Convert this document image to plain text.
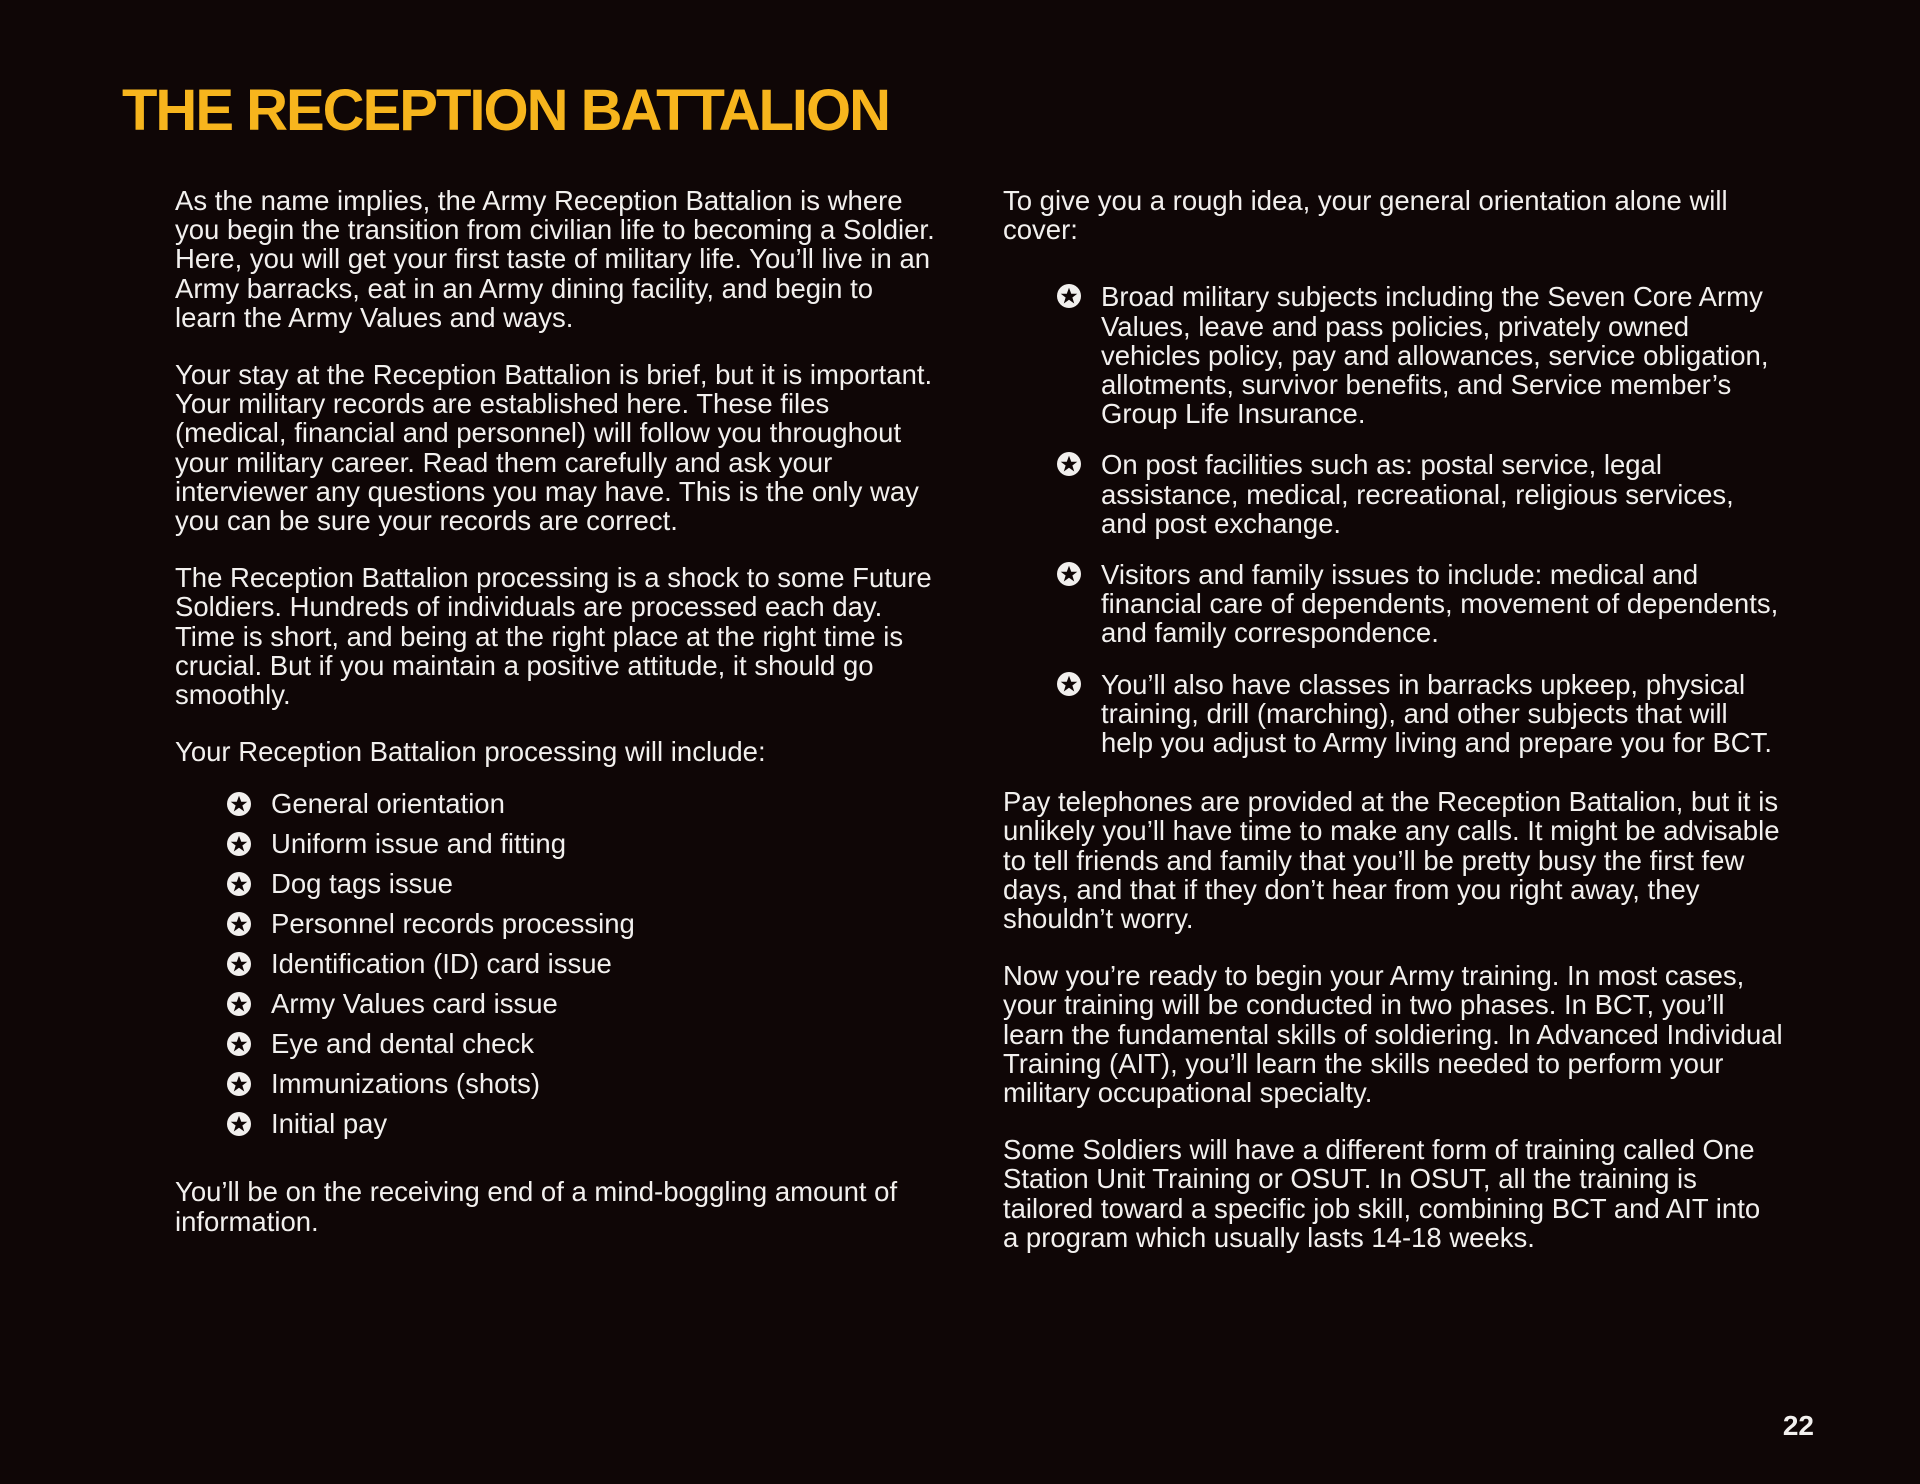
THE RECEPTION BATTALION

As the name implies, the Army Reception Battalion is where you begin the transition from civilian life to becoming a Soldier. Here, you will get your first taste of military life. You’ll live in an Army barracks, eat in an Army dining facility, and begin to learn the Army Values and ways.

Your stay at the Reception Battalion is brief, but it is important. Your military records are established here. These files (medical, financial and personnel) will follow you throughout your military career. Read them carefully and ask your interviewer any questions you may have. This is the only way you can be sure your records are correct.

The Reception Battalion processing is a shock to some Future Soldiers. Hundreds of individuals are processed each day. Time is short, and being at the right place at the right time is crucial. But if you maintain a positive attitude, it should go smoothly.

Your Reception Battalion processing will include:

General orientation
Uniform issue and fitting
Dog tags issue
Personnel records processing
Identification (ID) card issue
Army Values card issue
Eye and dental check
Immunizations (shots)
Initial pay

You’ll be on the receiving end of a mind-boggling amount of information.

To give you a rough idea, your general orientation alone will cover:

Broad military subjects including the Seven Core Army Values, leave and pass policies, privately owned vehicles policy, pay and allowances, service obligation, allotments, survivor benefits, and Service member’s Group Life Insurance.
On post facilities such as: postal service, legal assistance, medical, recreational, religious services, and post exchange.
Visitors and family issues to include: medical and financial care of dependents, movement of dependents, and family correspondence.
You’ll also have classes in barracks upkeep, physical training, drill (marching), and other subjects that will help you adjust to Army living and prepare you for BCT.

Pay telephones are provided at the Reception Battalion, but it is unlikely you’ll have time to make any calls. It might be advisable to tell friends and family that you’ll be pretty busy the first few days, and that if they don’t hear from you right away, they shouldn’t worry.

Now you’re ready to begin your Army training. In most cases, your training will be conducted in two phases. In BCT, you’ll learn the fundamental skills of soldiering. In Advanced Individual Training (AIT), you’ll learn the skills needed to perform your military occupational specialty.

Some Soldiers will have a different form of training called One Station Unit Training or OSUT. In OSUT, all the training is tailored toward a specific job skill, combining BCT and AIT into a program which usually lasts 14-18 weeks.

22
